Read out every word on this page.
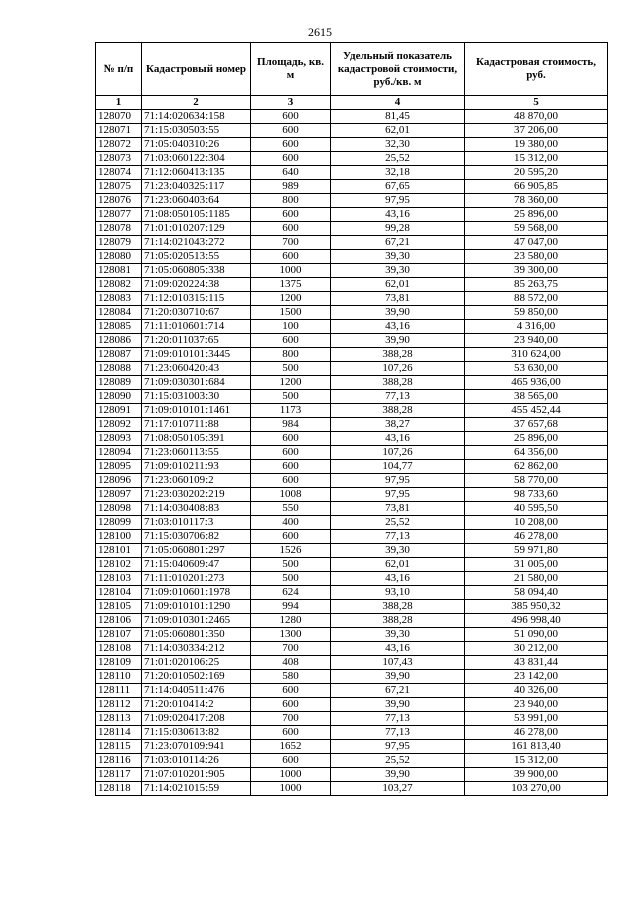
2615
№ п/п	Кадастровый номер	Площадь, кв. м	Удельный показатель кадастровой стоимости, руб./кв. м	Кадастровая стоимость, руб.
1	2	3	4	5
128070	71:14:020634:158	600	81,45	48 870,00
128071	71:15:030503:55	600	62,01	37 206,00
128072	71:05:040310:26	600	32,30	19 380,00
128073	71:03:060122:304	600	25,52	15 312,00
128074	71:12:060413:135	640	32,18	20 595,20
128075	71:23:040325:117	989	67,65	66 905,85
128076	71:23:060403:64	800	97,95	78 360,00
128077	71:08:050105:1185	600	43,16	25 896,00
128078	71:01:010207:129	600	99,28	59 568,00
128079	71:14:021043:272	700	67,21	47 047,00
128080	71:05:020513:55	600	39,30	23 580,00
128081	71:05:060805:338	1000	39,30	39 300,00
128082	71:09:020224:38	1375	62,01	85 263,75
128083	71:12:010315:115	1200	73,81	88 572,00
128084	71:20:030710:67	1500	39,90	59 850,00
128085	71:11:010601:714	100	43,16	4 316,00
128086	71:20:011037:65	600	39,90	23 940,00
128087	71:09:010101:3445	800	388,28	310 624,00
128088	71:23:060420:43	500	107,26	53 630,00
128089	71:09:030301:684	1200	388,28	465 936,00
128090	71:15:031003:30	500	77,13	38 565,00
128091	71:09:010101:1461	1173	388,28	455 452,44
128092	71:17:010711:88	984	38,27	37 657,68
128093	71:08:050105:391	600	43,16	25 896,00
128094	71:23:060113:55	600	107,26	64 356,00
128095	71:09:010211:93	600	104,77	62 862,00
128096	71:23:060109:2	600	97,95	58 770,00
128097	71:23:030202:219	1008	97,95	98 733,60
128098	71:14:030408:83	550	73,81	40 595,50
128099	71:03:010117:3	400	25,52	10 208,00
128100	71:15:030706:82	600	77,13	46 278,00
128101	71:05:060801:297	1526	39,30	59 971,80
128102	71:15:040609:47	500	62,01	31 005,00
128103	71:11:010201:273	500	43,16	21 580,00
128104	71:09:010601:1978	624	93,10	58 094,40
128105	71:09:010101:1290	994	388,28	385 950,32
128106	71:09:010301:2465	1280	388,28	496 998,40
128107	71:05:060801:350	1300	39,30	51 090,00
128108	71:14:030334:212	700	43,16	30 212,00
128109	71:01:020106:25	408	107,43	43 831,44
128110	71:20:010502:169	580	39,90	23 142,00
128111	71:14:040511:476	600	67,21	40 326,00
128112	71:20:010414:2	600	39,90	23 940,00
128113	71:09:020417:208	700	77,13	53 991,00
128114	71:15:030613:82	600	77,13	46 278,00
128115	71:23:070109:941	1652	97,95	161 813,40
128116	71:03:010114:26	600	25,52	15 312,00
128117	71:07:010201:905	1000	39,90	39 900,00
128118	71:14:021015:59	1000	103,27	103 270,00
